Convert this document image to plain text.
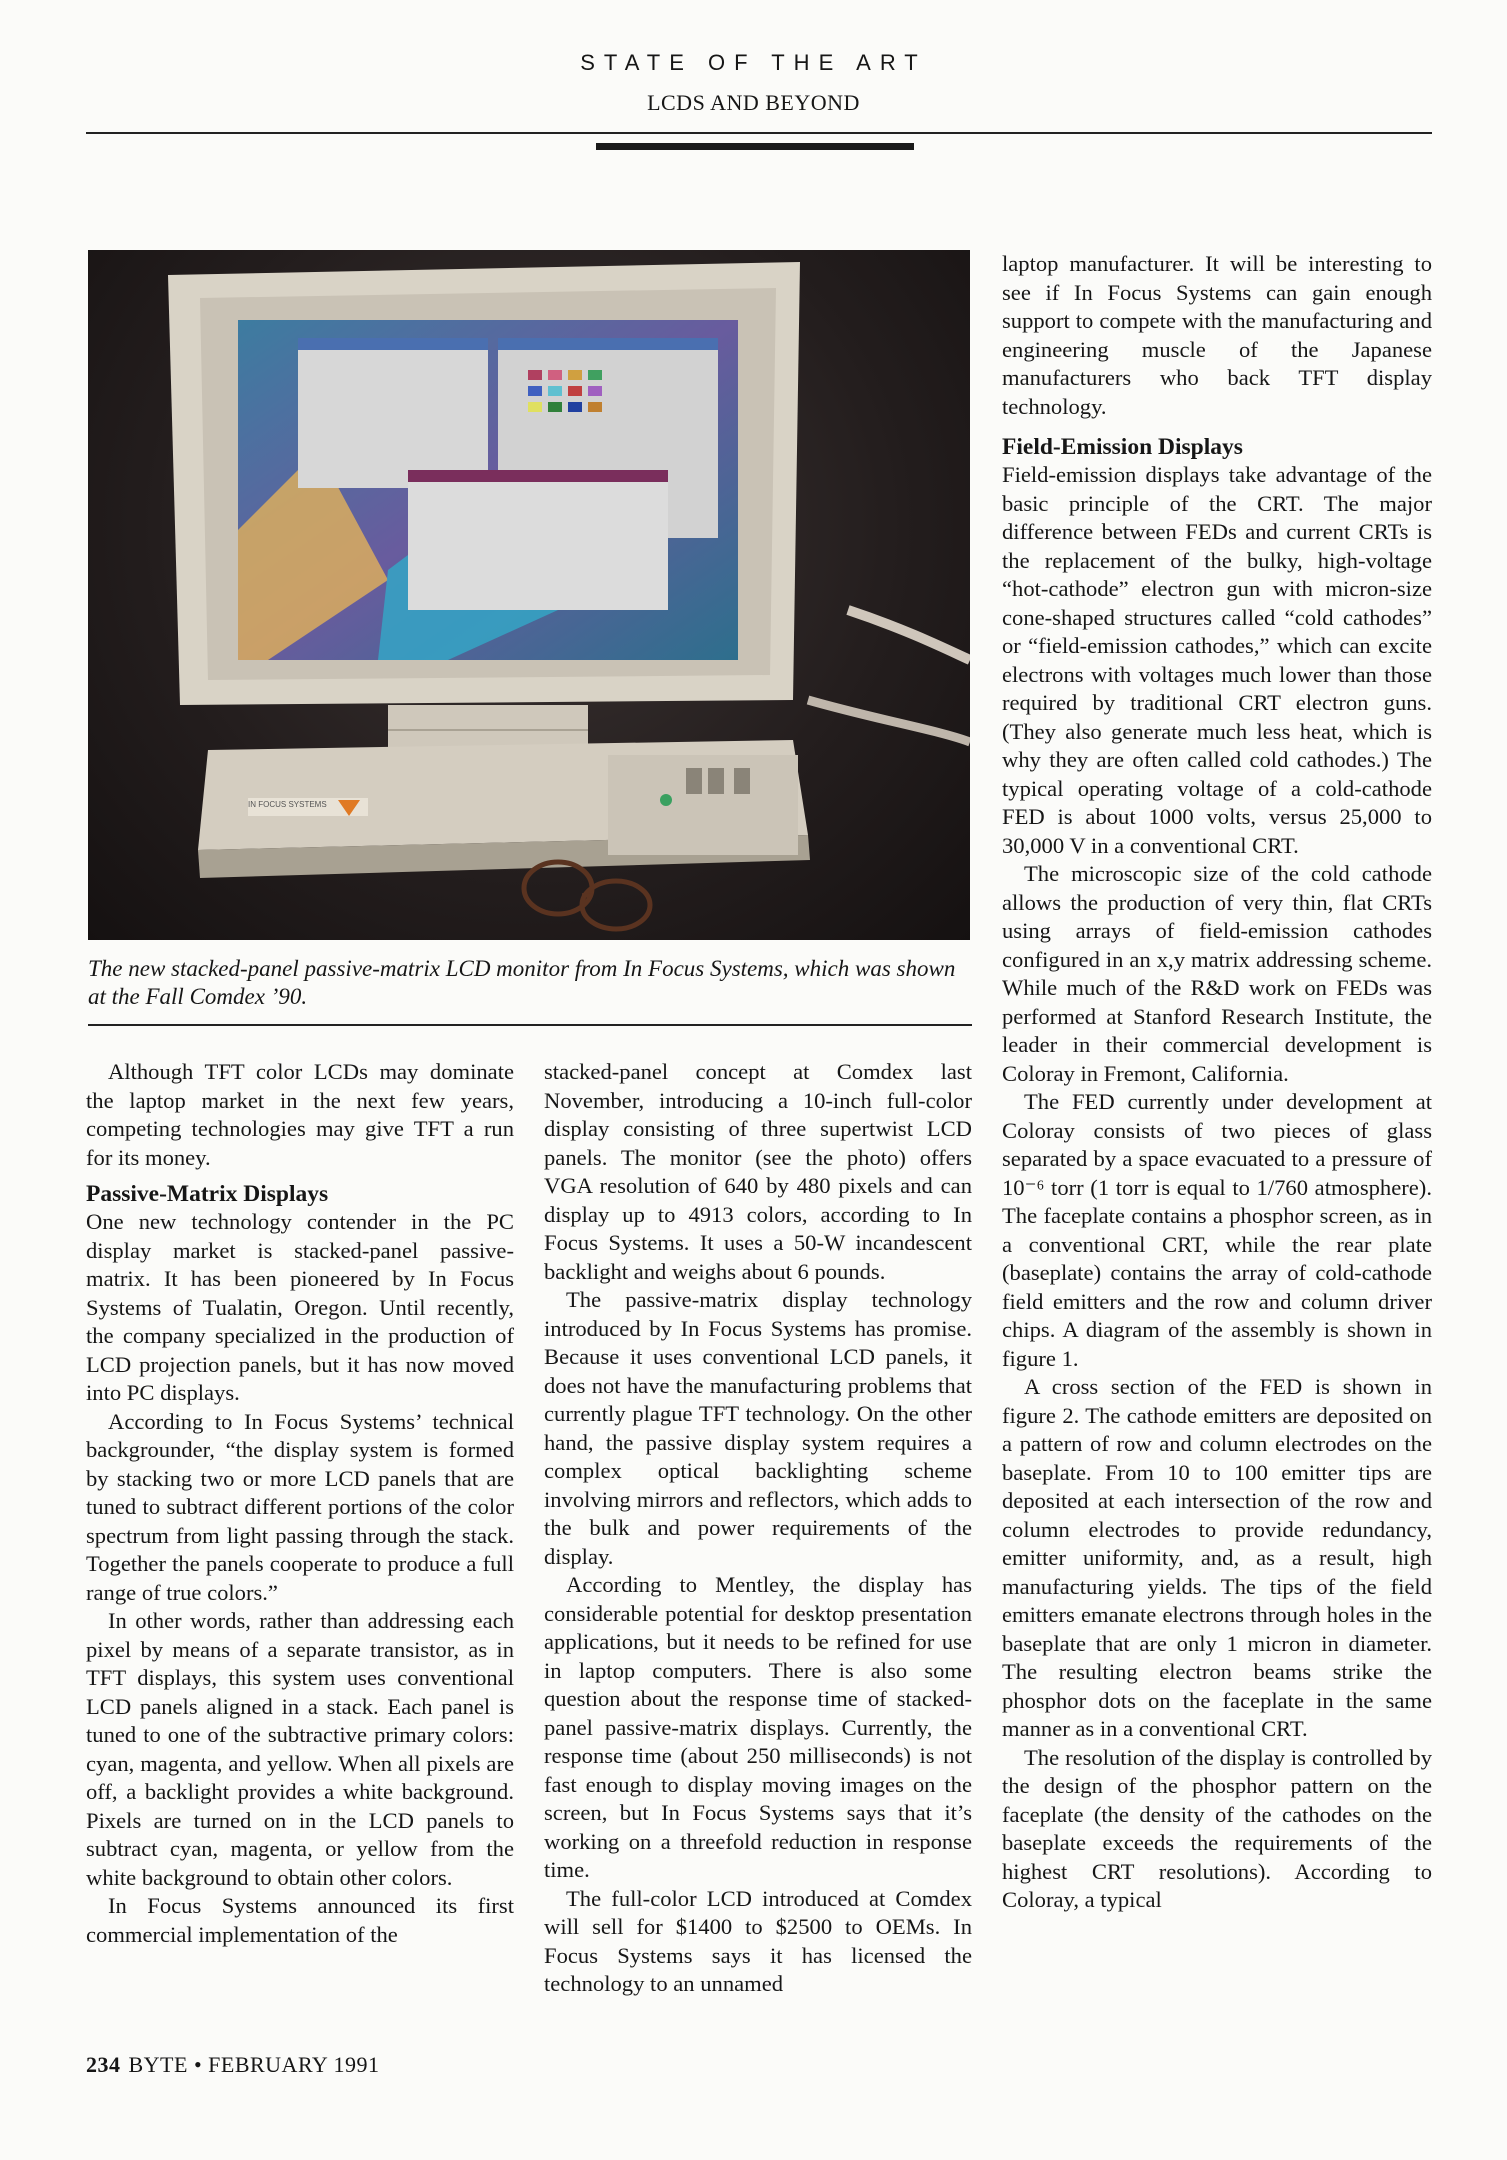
STATE OF THE ART
LCDS AND BEYOND
IN FOCUS SYSTEMS
The new stacked-panel passive-matrix LCD monitor from In Focus Systems, which was shown at the Fall Comdex ’90.

Although TFT color LCDs may dominate the laptop market in the next few years, competing technologies may give TFT a run for its money.

Passive-Matrix Displays

One new technology contender in the PC display market is stacked-panel passive-matrix. It has been pioneered by In Focus Systems of Tualatin, Oregon. Until recently, the company specialized in the production of LCD projection panels, but it has now moved into PC displays.

According to In Focus Systems’ technical backgrounder, “the display system is formed by stacking two or more LCD panels that are tuned to subtract different portions of the color spectrum from light passing through the stack. Together the panels cooperate to produce a full range of true colors.”

In other words, rather than addressing each pixel by means of a separate transistor, as in TFT displays, this system uses conventional LCD panels aligned in a stack. Each panel is tuned to one of the subtractive primary colors: cyan, magenta, and yellow. When all pixels are off, a backlight provides a white background. Pixels are turned on in the LCD panels to subtract cyan, magenta, or yellow from the white background to obtain other colors.

In Focus Systems announced its first commercial implementation of the

stacked-panel concept at Comdex last November, introducing a 10-inch full-color display consisting of three supertwist LCD panels. The monitor (see the photo) offers VGA resolution of 640 by 480 pixels and can display up to 4913 colors, according to In Focus Systems. It uses a 50-W incandescent backlight and weighs about 6 pounds.

The passive-matrix display technology introduced by In Focus Systems has promise. Because it uses conventional LCD panels, it does not have the manufacturing problems that currently plague TFT technology. On the other hand, the passive display system requires a complex optical backlighting scheme involving mirrors and reflectors, which adds to the bulk and power requirements of the display.

According to Mentley, the display has considerable potential for desktop presentation applications, but it needs to be refined for use in laptop computers. There is also some question about the response time of stacked-panel passive-matrix displays. Currently, the response time (about 250 milliseconds) is not fast enough to display moving images on the screen, but In Focus Systems says that it’s working on a threefold reduction in response time.

The full-color LCD introduced at Comdex will sell for $1400 to $2500 to OEMs. In Focus Systems says it has licensed the technology to an unnamed

laptop manufacturer. It will be interesting to see if In Focus Systems can gain enough support to compete with the manufacturing and engineering muscle of the Japanese manufacturers who back TFT display technology.

Field-Emission Displays

Field-emission displays take advantage of the basic principle of the CRT. The major difference between FEDs and current CRTs is the replacement of the bulky, high-voltage “hot-cathode” electron gun with micron-size cone-shaped structures called “cold cathodes” or “field-emission cathodes,” which can excite electrons with voltages much lower than those required by traditional CRT electron guns. (They also generate much less heat, which is why they are often called cold cathodes.) The typical operating voltage of a cold-cathode FED is about 1000 volts, versus 25,000 to 30,000 V in a conventional CRT.

The microscopic size of the cold cathode allows the production of very thin, flat CRTs using arrays of field-emission cathodes configured in an x,y matrix addressing scheme. While much of the R&D work on FEDs was performed at Stanford Research Institute, the leader in their commercial development is Coloray in Fremont, California.

The FED currently under development at Coloray consists of two pieces of glass separated by a space evacuated to a pressure of 10⁻⁶ torr (1 torr is equal to 1/760 atmosphere). The faceplate contains a phosphor screen, as in a conventional CRT, while the rear plate (baseplate) contains the array of cold-cathode field emitters and the row and column driver chips. A diagram of the assembly is shown in figure 1.

A cross section of the FED is shown in figure 2. The cathode emitters are deposited on a pattern of row and column electrodes on the baseplate. From 10 to 100 emitter tips are deposited at each intersection of the row and column electrodes to provide redundancy, emitter uniformity, and, as a result, high manufacturing yields. The tips of the field emitters emanate electrons through holes in the baseplate that are only 1 micron in diameter. The resulting electron beams strike the phosphor dots on the faceplate in the same manner as in a conventional CRT.

The resolution of the display is controlled by the design of the phosphor pattern on the faceplate (the density of the cathodes on the baseplate exceeds the requirements of the highest CRT resolutions). According to Coloray, a typical

234 BYTE • FEBRUARY 1991
